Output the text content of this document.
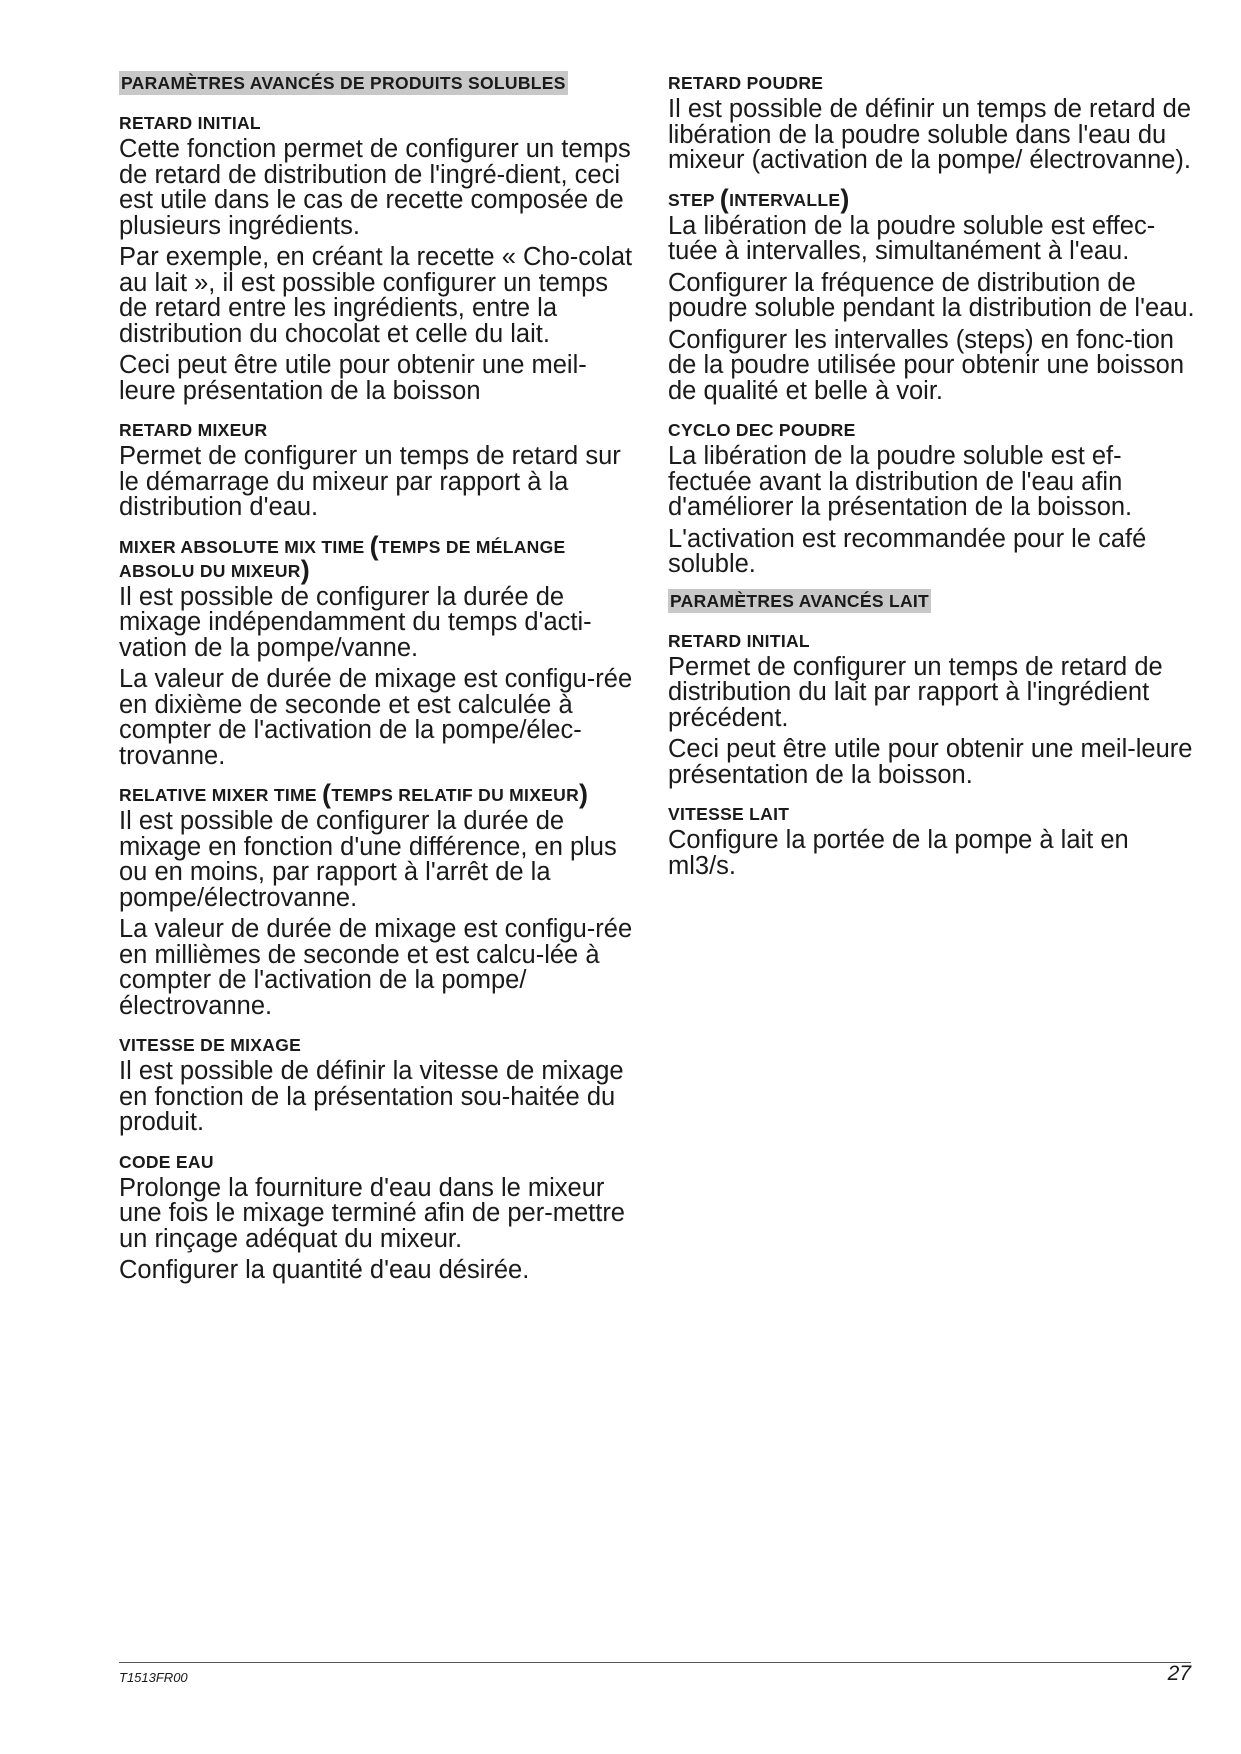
PARAMÈTRES AVANCÉS DE PRODUITS SOLUBLES
RETARD INITIAL

Cette fonction permet de configurer un temps de retard de distribution de l'ingré-dient, ceci est utile dans le cas de recette composée de plusieurs ingrédients.

Par exemple, en créant la recette « Cho-colat au lait », il est possible configurer un temps de retard entre les ingrédients, entre la distribution du chocolat et celle du lait.

Ceci peut être utile pour obtenir une meil-leure présentation de la boisson

RETARD MIXEUR

Permet de configurer un temps de retard sur le démarrage du mixeur par rapport à la distribution d'eau.

MIXER ABSOLUTE MIX TIME (TEMPS DE MÉLANGE ABSOLU DU MIXEUR)

Il est possible de configurer la durée de mixage indépendamment du temps d'acti-vation de la pompe/vanne.

La valeur de durée de mixage est configu-rée en dixième de seconde et est calculée à compter de l'activation de la pompe/élec-trovanne.

RELATIVE MIXER TIME (TEMPS RELATIF DU MIXEUR)

Il est possible de configurer la durée de mixage en fonction d'une différence, en plus ou en moins, par rapport à l'arrêt de la pompe/électrovanne.

La valeur de durée de mixage est configu-rée en millièmes de seconde et est calcu-lée à compter de l'activation de la pompe/ électrovanne.

VITESSE DE MIXAGE

Il est possible de définir la vitesse de mixage en fonction de la présentation sou-haitée du produit.

CODE EAU

Prolonge la fourniture d'eau dans le mixeur une fois le mixage terminé afin de per-mettre un rinçage adéquat du mixeur.

Configurer la quantité d'eau désirée.

RETARD POUDRE

Il est possible de définir un temps de retard de libération de la poudre soluble dans l'eau du mixeur (activation de la pompe/ électrovanne).

STEP (INTERVALLE)

La libération de la poudre soluble est effec-tuée à intervalles, simultanément à l'eau.

Configurer la fréquence de distribution de poudre soluble pendant la distribution de l'eau.

Configurer les intervalles (steps) en fonc-tion de la poudre utilisée pour obtenir une boisson de qualité et belle à voir.

CYCLO DEC POUDRE

La libération de la poudre soluble est ef-fectuée avant la distribution de l'eau afin d'améliorer la présentation de la boisson.

L'activation est recommandée pour le café soluble.

PARAMÈTRES AVANCÉS LAIT
RETARD INITIAL

Permet de configurer un temps de retard de distribution du lait par rapport à l'ingrédient précédent.

Ceci peut être utile pour obtenir une meil-leure présentation de la boisson.

VITESSE LAIT

Configure la portée de la pompe à lait en ml3/s.

T1513FR00	27
